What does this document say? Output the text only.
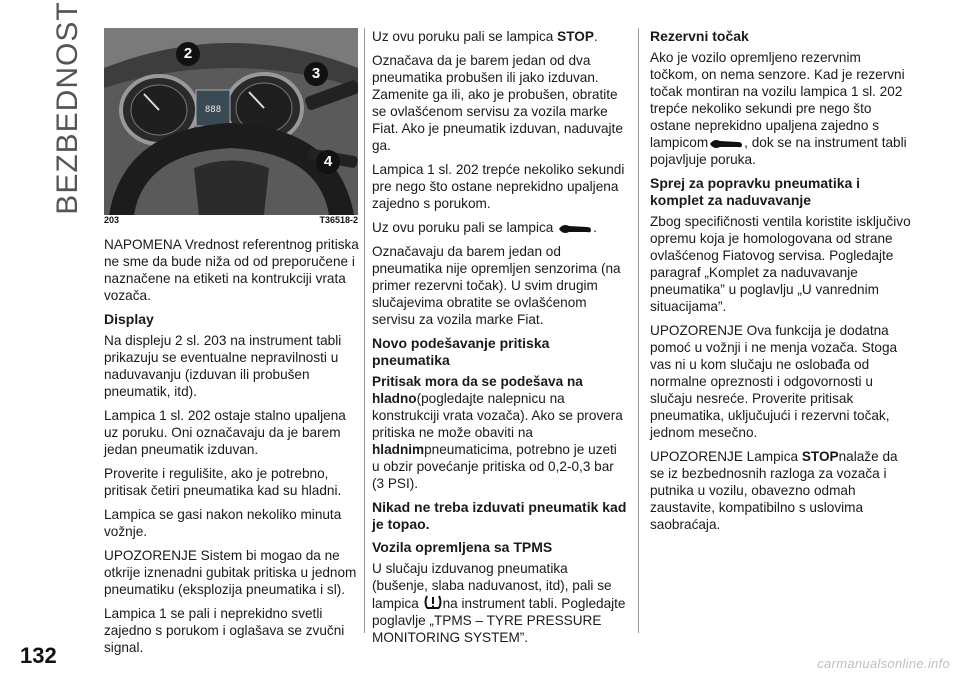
BEZBEDNOST
132	carmanualsonline.info
888
2
3
4
203	T36518-2

NAPOMENA Vrednost referentnog pritiska ne sme da bude niža od od preporučene i naznačene na etiketi na kontrukciji vrata vozača.

Display

Na displeju 2 sl. 203 na instrument tabli prikazuju se eventualne nepravilnosti u naduvavanju (izduvan ili probušen pneumatik, itd).

Lampica 1 sl. 202 ostaje stalno upaljena uz poruku. Oni označavaju da je barem jedan pneumatik izduvan.

Proverite i regulišite, ako je potrebno, pritisak četiri pneumatika kad su hladni.

Lampica se gasi nakon nekoliko minuta vožnje.

UPOZORENJE Sistem bi mogao da ne otkrije iznenadni gubitak pritiska u jednom pneumatiku (eksplozija pneumatika i sl).

Lampica 1 se pali i neprekidno svetli zajedno s porukom i oglašava se zvučni signal.

Uz ovu poruku pali se lampica STOP.

Označava da je barem jedan od dva pneumatika probušen ili jako izduvan. Zamenite ga ili, ako je probušen, obratite se ovlašćenom servisu za vozila marke Fiat. Ako je pneumatik izduvan, naduvajte ga.

Lampica 1 sl. 202 trepće nekoliko sekundi pre nego što ostane neprekidno upaljena zajedno s porukom.

Uz ovu poruku pali se lampica	.

Označavaju da barem jedan od pneumatika nije opremljen senzorima (na primer rezervni točak). U svim drugim slučajevima obratite se ovlašćenom servisu za vozila marke Fiat.

Novo podešavanje pritiska pneumatika

Pritisak mora da se podešava na hladno(pogledajte nalepnicu na konstrukciji vrata vozača). Ako se provera pritiska ne može obaviti na hladnimpneumaticima, potrebno je uzeti u obzir povećanje pritiska od 0,2-0,3 bar (3 PSI).

Nikad ne treba izduvati pneumatik kad je topao.
Vozila opremljena sa TPMS

U slučaju izduvanog pneumatika (bušenje, slaba naduvanost, itd), pali se lampica na instrument tabli. Pogledajte poglavlje „TPMS – TYRE PRESSURE MONITORING SYSTEM”.

Rezervni točak

Ako je vozilo opremljeno rezervnim točkom, on nema senzore. Kad je rezervni točak montiran na vozilu lampica 1 sl. 202 trepće nekoliko sekundi pre nego što ostane neprekidno upaljena zajedno s lampicom	, dok se na instrument tabli pojavljuje poruka.

Sprej za popravku pneumatika i komplet za naduvavanje

Zbog specifičnosti ventila koristite isključivo opremu koja je homologovana od strane ovlašćenog Fiatovog servisa. Pogledajte paragraf „Komplet za naduvavanje pneumatika” u poglavlju „U vanrednim situacijama”.

UPOZORENJE Ova funkcija je dodatna pomoć u vožnji i ne menja vozača. Stoga vas ni u kom slučaju ne oslobađa od normalne opreznosti i odgovornosti u slučaju nesreće. Proverite pritisak pneumatika, uključujući i rezervni točak, jednom mesečno.

UPOZORENJE Lampica STOPnalaže da se iz bezbednosnih razloga za vozača i putnika u vozilu, obavezno odmah zaustavite, kompatibilno s uslovima saobraćaja.
